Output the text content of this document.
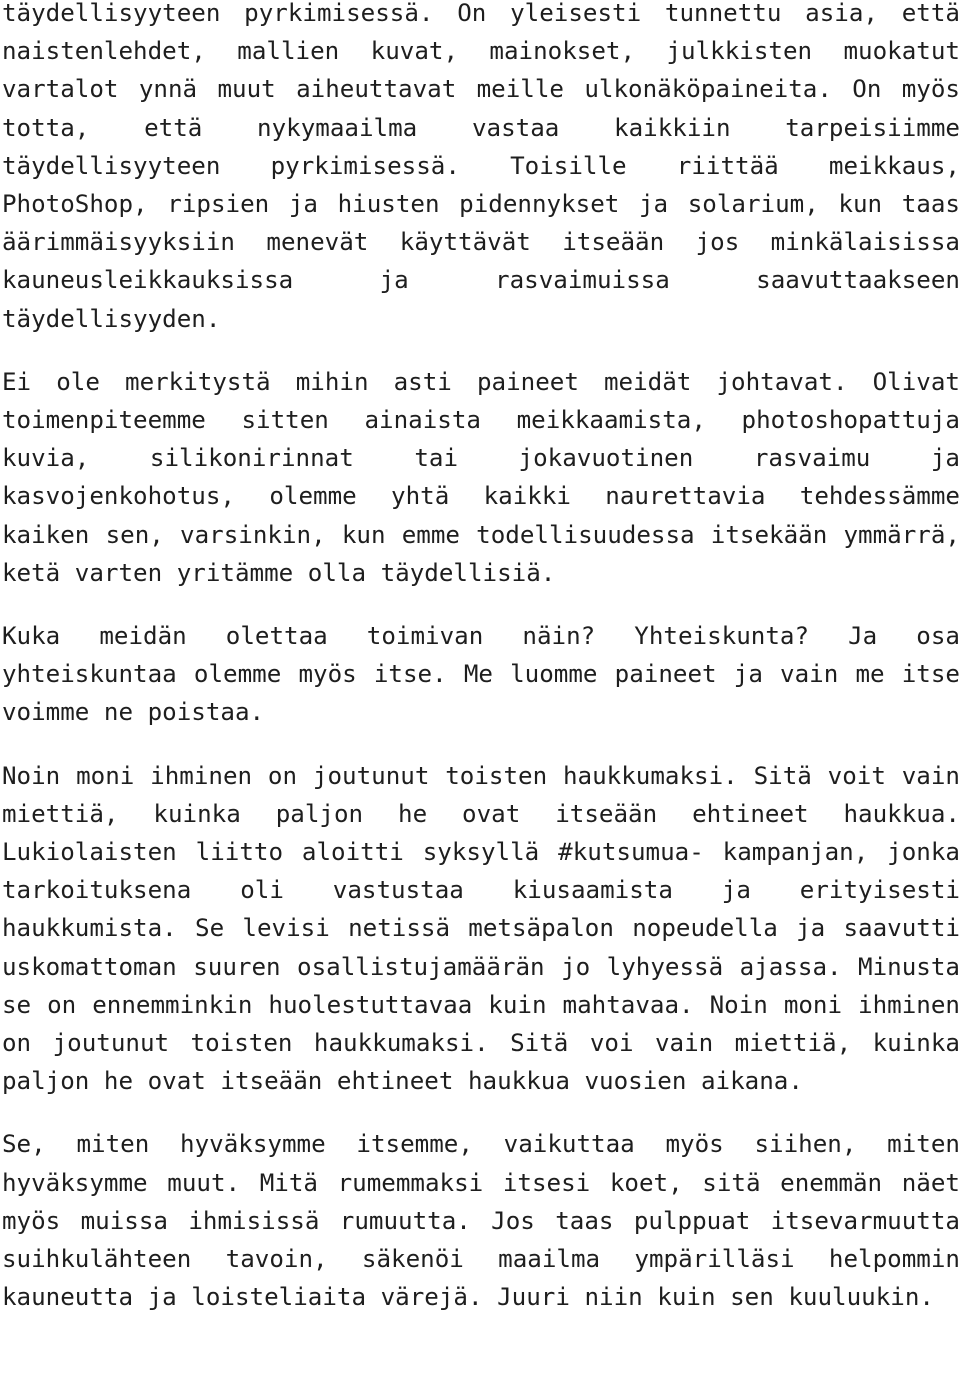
täydellisyyteen pyrkimisessä. On yleisesti tunnettu asia, että naistenlehdet, mallien kuvat, mainokset, julkkisten muokatut vartalot ynnä muut aiheuttavat meille ulkonäköpaineita. On myös totta, että nykymaailma vastaa kaikkiin tarpeisiimme täydellisyyteen pyrkimisessä. Toisille riittää meikkaus, PhotoShop, ripsien ja hiusten pidennykset ja solarium, kun taas äärimmäisyyksiin menevät käyttävät itseään jos minkälaisissa kauneusleikkauksissa ja rasvaimuissa saavuttaakseen täydellisyyden.

Ei ole merkitystä mihin asti paineet meidät johtavat. Olivat toimenpiteemme sitten ainaista meikkaamista, photoshopattuja kuvia, silikonirinnat tai jokavuotinen rasvaimu ja kasvojenkohotus, olemme yhtä kaikki naurettavia tehdessämme kaiken sen, varsinkin, kun emme todellisuudessa itsekään ymmärrä, ketä varten yritämme olla täydellisiä.

Kuka meidän olettaa toimivan näin? Yhteiskunta? Ja osa yhteiskuntaa olemme myös itse. Me luomme paineet ja vain me itse voimme ne poistaa.

Noin moni ihminen on joutunut toisten haukkumaksi. Sitä voit vain miettiä, kuinka paljon he ovat itseään ehtineet haukkua. Lukiolaisten liitto aloitti syksyllä #kutsumua- kampanjan, jonka tarkoituksena oli vastustaa kiusaamista ja erityisesti haukkumista. Se levisi netissä metsäpalon nopeudella ja saavutti uskomattoman suuren osallistujamäärän jo lyhyessä ajassa. Minusta se on ennemminkin huolestuttavaa kuin mahtavaa. Noin moni ihminen on joutunut toisten haukkumaksi. Sitä voi vain miettiä, kuinka paljon he ovat itseään ehtineet haukkua vuosien aikana.

Se, miten hyväksymme itsemme, vaikuttaa myös siihen, miten hyväksymme muut. Mitä rumemmaksi itsesi koet, sitä enemmän näet myös muissa ihmisissä rumuutta. Jos taas pulppuat itsevarmuutta suihkulähteen tavoin, säkenöi maailma ympärilläsi helpommin kauneutta ja loisteliaita värejä. Juuri niin kuin sen kuuluukin.
